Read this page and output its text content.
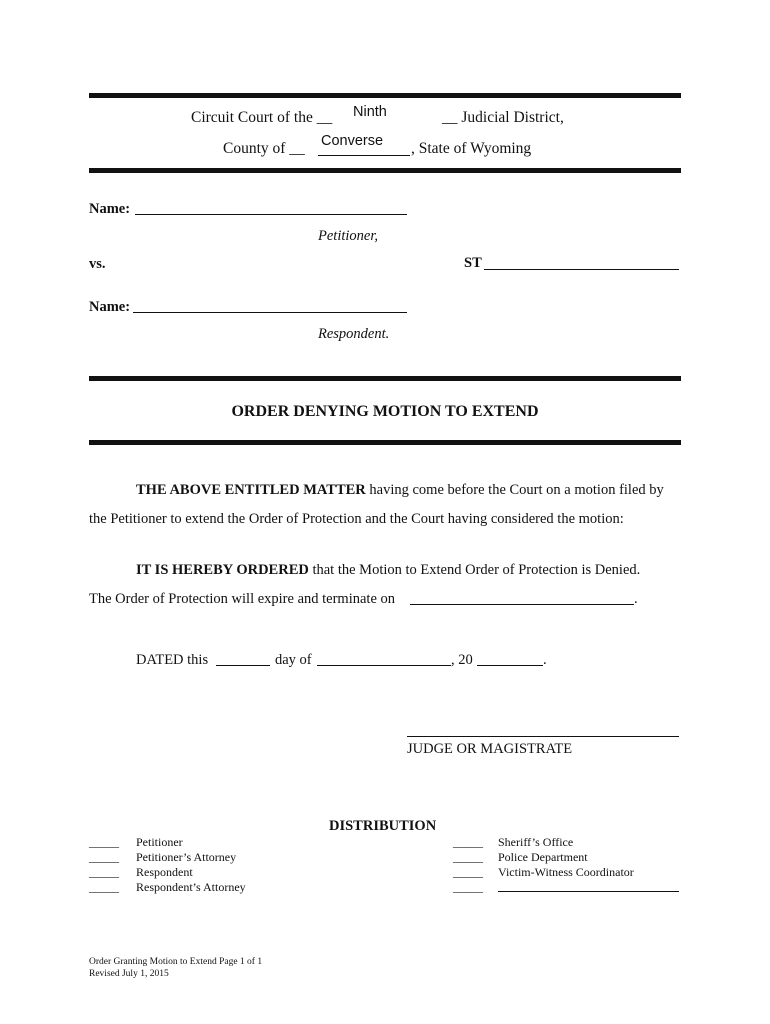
Circuit Court of the __ Ninth	__ Judicial District,
County of __ Converse , State of Wyoming
Name:
Petitioner,
vs.	ST
Name:
Respondent.
ORDER DENYING MOTION TO EXTEND
THE ABOVE ENTITLED MATTER having come before the Court on a motion filed by
the Petitioner to extend the Order of Protection and the Court having considered the motion:
IT IS HEREBY ORDERED that the Motion to Extend Order of Protection is Denied.
The Order of Protection will expire and terminate on	.
DATED this	day of	, 20	.
JUDGE OR MAGISTRATE
DISTRIBUTION
_____ Petitioner
_____ Petitioner’s Attorney
_____ Respondent
_____ Respondent’s Attorney
_____ Sheriff’s Office
_____ Police Department
_____ Victim-Witness Coordinator
_____
Order Granting Motion to Extend Page 1 of 1
Revised July 1, 2015
